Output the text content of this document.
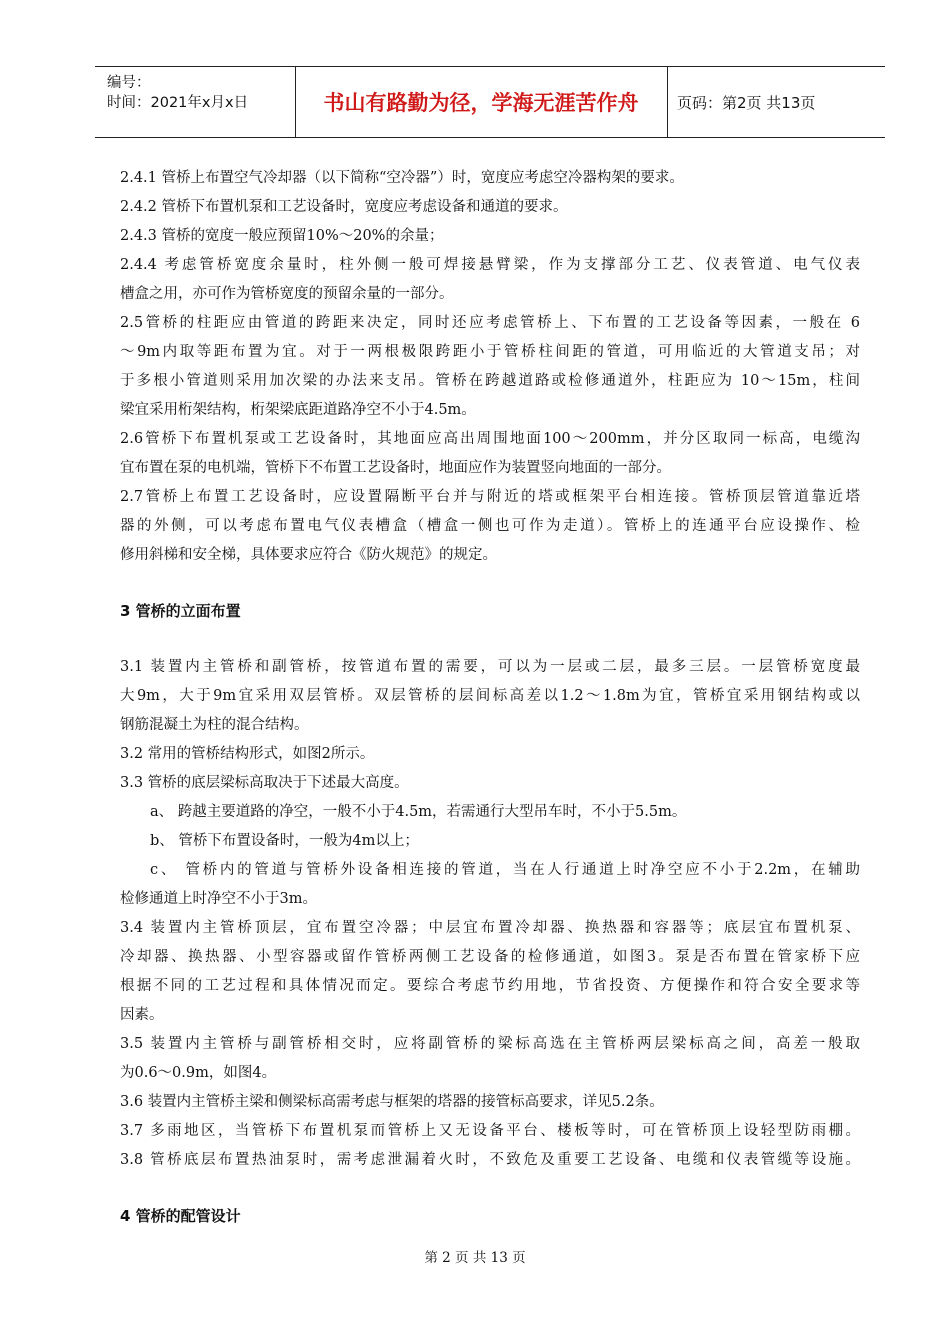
编号：
时间：2021年x月x日	书山有路勤为径，学海无涯苦作舟	页码：第2页 共13页
2.4.1 管桥上布置空气冷却器（以下简称“空冷器”）时，宽度应考虑空冷器构架的要求。
2.4.2 管桥下布置机泵和工艺设备时，宽度应考虑设备和通道的要求。
2.4.3 管桥的宽度一般应预留10%～20%的余量；
2.4.4 考虑管桥宽度余量时，柱外侧一般可焊接悬臂梁，作为支撑部分工艺、仪表管道、电气仪表
槽盒之用，亦可作为管桥宽度的预留余量的一部分。
2.5管桥的柱距应由管道的跨距来决定，同时还应考虑管桥上、下布置的工艺设备等因素，一般在 6
～9m内取等距布置为宜。对于一两根极限跨距小于管桥柱间距的管道，可用临近的大管道支吊；对
于多根小管道则采用加次梁的办法来支吊。管桥在跨越道路或检修通道外，柱距应为 10～15m，柱间
梁宜采用桁架结构，桁架梁底距道路净空不小于4.5m。
2.6管桥下布置机泵或工艺设备时，其地面应高出周围地面100～200mm，并分区取同一标高，电缆沟
宜布置在泵的电机端，管桥下不布置工艺设备时，地面应作为装置竖向地面的一部分。
2.7管桥上布置工艺设备时，应设置隔断平台并与附近的塔或框架平台相连接。管桥顶层管道靠近塔
器的外侧，可以考虑布置电气仪表槽盒（槽盒一侧也可作为走道）。管桥上的连通平台应设操作、检
修用斜梯和安全梯，具体要求应符合《防火规范》的规定。
3 管桥的立面布置
3.1 装置内主管桥和副管桥，按管道布置的需要，可以为一层或二层，最多三层。一层管桥宽度最
大9m，大于9m宜采用双层管桥。双层管桥的层间标高差以1.2～1.8m为宜，管桥宜采用钢结构或以
钢筋混凝土为柱的混合结构。
3.2 常用的管桥结构形式，如图2所示。
3.3 管桥的底层梁标高取决于下述最大高度。
a、 跨越主要道路的净空，一般不小于4.5m，若需通行大型吊车时，不小于5.5m。
b、 管桥下布置设备时，一般为4m以上；
c、 管桥内的管道与管桥外设备相连接的管道，当在人行通道上时净空应不小于2.2m，在辅助
检修通道上时净空不小于3m。
3.4 装置内主管桥顶层，宜布置空冷器；中层宜布置冷却器、换热器和容器等；底层宜布置机泵、
冷却器、换热器、小型容器或留作管桥两侧工艺设备的检修通道，如图3。泵是否布置在管家桥下应
根据不同的工艺过程和具体情况而定。要综合考虑节约用地，节省投资、方便操作和符合安全要求等
因素。
3.5 装置内主管桥与副管桥相交时，应将副管桥的梁标高选在主管桥两层梁标高之间，高差一般取
为0.6～0.9m，如图4。
3.6 装置内主管桥主梁和侧梁标高需考虑与框架的塔器的接管标高要求，详见5.2条。
3.7 多雨地区，当管桥下布置机泵而管桥上又无设备平台、楼板等时，可在管桥顶上设轻型防雨棚。
3.8 管桥底层布置热油泵时，需考虑泄漏着火时，不致危及重要工艺设备、电缆和仪表管缆等设施。
4 管桥的配管设计
第 2 页 共 13 页
